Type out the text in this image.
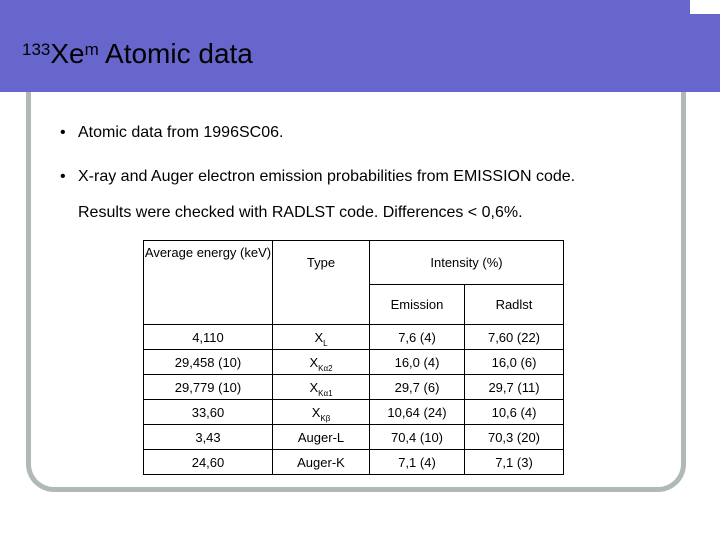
$^{133}$Xe$^m$ Atomic data
• Atomic data from 1996SC06.
• X-ray and Auger electron emission probabilities from EMISSION code.
Results were checked with RADLST code. Differences < 0,6%.
Average energy (keV)	Type	Intensity (%)	
		Emission	Radlst
4,110	$X_L$	7,6 (4)	7,60 (22)
29,458 (10)	$X_{K\alpha 2}$	16,0 (4)	16,0 (6)
29,779 (10)	$X_{K\alpha 1}$	29,7 (6)	29,7 (11)
33,60	$X_{K\beta}$	10,64 (24)	10,6 (4)
3,43	Auger-L	70,4 (10)	70,3 (20)
24,60	Auger-K	7,1 (4)	7,1 (3)
